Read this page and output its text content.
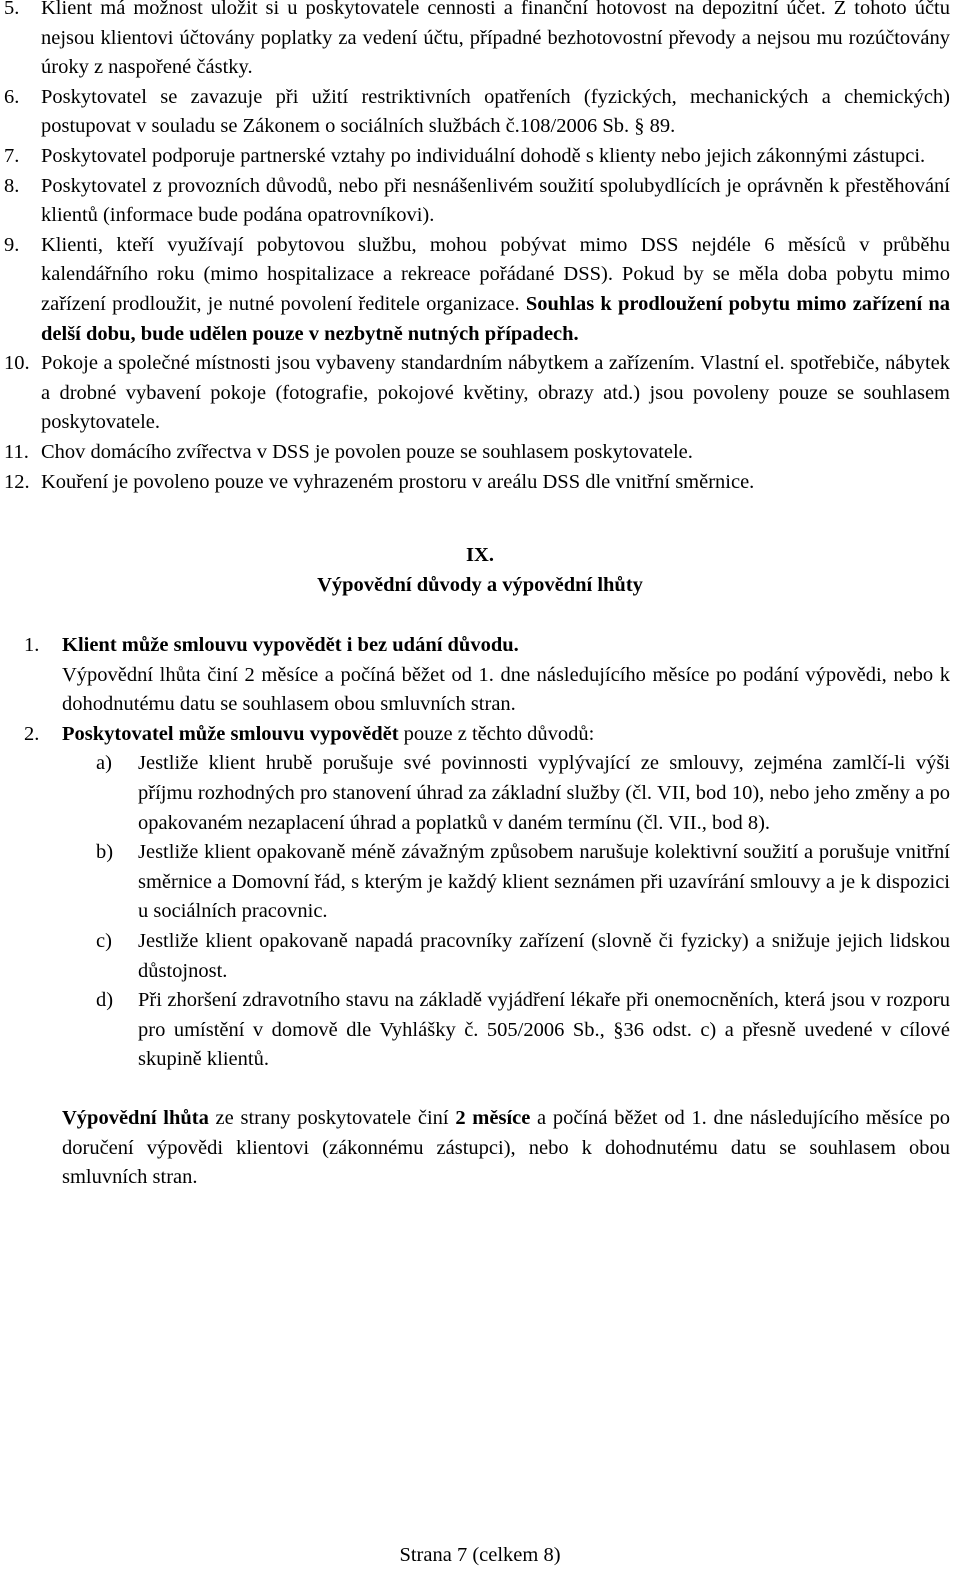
5. Klient má možnost uložit si u poskytovatele cennosti a finanční hotovost na depozitní účet. Z tohoto účtu nejsou klientovi účtovány poplatky za vedení účtu, případné bezhotovostní převody a nejsou mu rozúčtovány úroky z naspořené částky.

6. Poskytovatel se zavazuje při užití restriktivních opatřeních (fyzických, mechanických a chemických) postupovat v souladu se Zákonem o sociálních službách č.108/2006 Sb. § 89.

7. Poskytovatel podporuje partnerské vztahy po individuální dohodě s klienty nebo jejich zákonnými zástupci.

8. Poskytovatel z provozních důvodů, nebo při nesnášenlivém soužití spolubydlících je oprávněn k přestěhování klientů (informace bude podána opatrovníkovi).

9. Klienti, kteří využívají pobytovou službu, mohou pobývat mimo DSS nejdéle 6 měsíců v průběhu kalendářního roku (mimo hospitalizace a rekreace pořádané DSS). Pokud by se měla doba pobytu mimo zařízení prodloužit, je nutné povolení ředitele organizace. Souhlas k prodloužení pobytu mimo zařízení na delší dobu, bude udělen pouze v nezbytně nutných případech.

10. Pokoje a společné místnosti jsou vybaveny standardním nábytkem a zařízením. Vlastní el. spotřebiče, nábytek a drobné vybavení pokoje (fotografie, pokojové květiny, obrazy atd.) jsou povoleny pouze se souhlasem poskytovatele.

11. Chov domácího zvířectva v DSS je povolen pouze se souhlasem poskytovatele.

12. Kouření je povoleno pouze ve vyhrazeném prostoru v areálu DSS dle vnitřní směrnice.

IX.
Výpovědní důvody a výpovědní lhůty
1. Klient může smlouvu vypovědět i bez udání důvodu.

Výpovědní lhůta činí 2 měsíce a počíná běžet od 1. dne následujícího měsíce po podání výpovědi, nebo k dohodnutému datu se souhlasem obou smluvních stran.

2. Poskytovatel může smlouvu vypovědět pouze z těchto důvodů:

a) Jestliže klient hrubě porušuje své povinnosti vyplývající ze smlouvy, zejména zamlčí-li výši příjmu rozhodných pro stanovení úhrad za základní služby (čl. VII, bod 10), nebo jeho změny a po opakovaném nezaplacení úhrad a poplatků v daném termínu (čl. VII., bod 8).

b) Jestliže klient opakovaně méně závažným způsobem narušuje kolektivní soužití a porušuje vnitřní směrnice a Domovní řád, s kterým je každý klient seznámen při uzavírání smlouvy a je k dispozici u sociálních pracovnic.

c) Jestliže klient opakovaně napadá pracovníky zařízení (slovně či fyzicky) a snižuje jejich lidskou důstojnost.

d) Při zhoršení zdravotního stavu na základě vyjádření lékaře při onemocněních, která jsou v rozporu pro umístění v domově dle Vyhlášky č. 505/2006 Sb., §36 odst. c) a přesně uvedené v cílové skupině klientů.

Výpovědní lhůta ze strany poskytovatele činí 2 měsíce a počíná běžet od 1. dne následujícího měsíce po doručení výpovědi klientovi (zákonnému zástupci), nebo k dohodnutému datu se souhlasem obou smluvních stran.
Strana 7 (celkem 8)
